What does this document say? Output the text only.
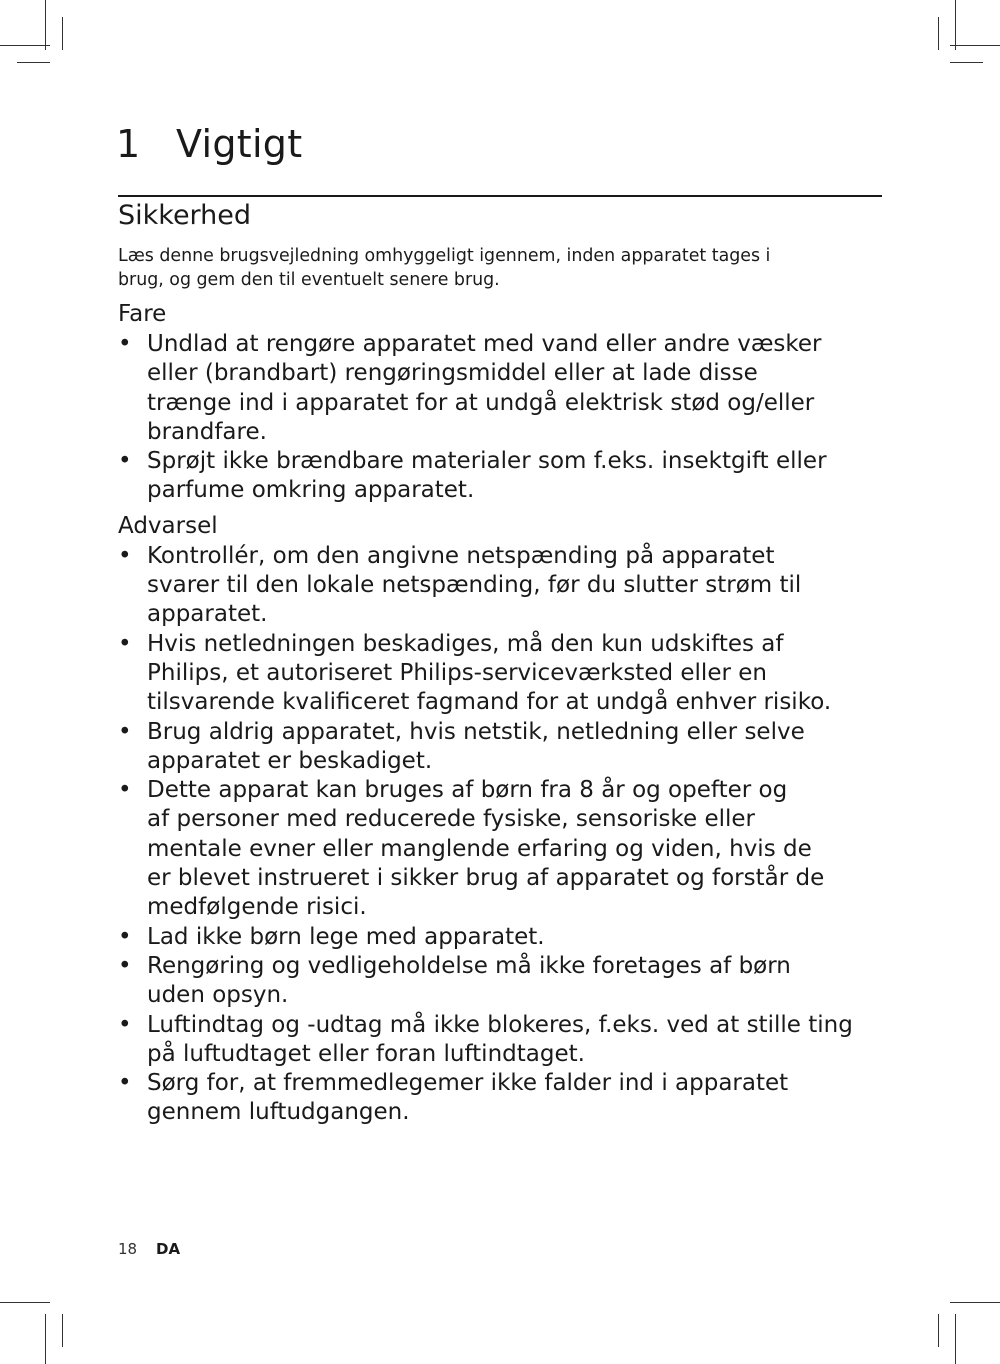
1 Vigtigt
Sikkerhed

Læs denne brugsvejledning omhyggeligt igennem, inden apparatet tages i
brug, og gem den til eventuelt senere brug.

Fare
• Undlad at rengøre apparatet med vand eller andre væsker
eller (brandbart) rengøringsmiddel eller at lade disse
trænge ind i apparatet for at undgå elektrisk stød og/eller
brandfare.
• Sprøjt ikke brændbare materialer som f.eks. insektgift eller
parfume omkring apparatet.
Advarsel
• Kontrollér, om den angivne netspænding på apparatet
svarer til den lokale netspænding, før du slutter strøm til
apparatet.
• Hvis netledningen beskadiges, må den kun udskiftes af
Philips, et autoriseret Philips-serviceværksted eller en
tilsvarende kvalificeret fagmand for at undgå enhver risiko.
• Brug aldrig apparatet, hvis netstik, netledning eller selve
apparatet er beskadiget.
• Dette apparat kan bruges af børn fra 8 år og opefter og
af personer med reducerede fysiske, sensoriske eller
mentale evner eller manglende erfaring og viden, hvis de
er blevet instrueret i sikker brug af apparatet og forstår de
medfølgende risici.
• Lad ikke børn lege med apparatet.
• Rengøring og vedligeholdelse må ikke foretages af børn
uden opsyn.
• Luftindtag og -udtag må ikke blokeres, f.eks. ved at stille ting
på luftudtaget eller foran luftindtaget.
• Sørg for, at fremmedlegemer ikke falder ind i apparatet
gennem luftudgangen.
18 DA
